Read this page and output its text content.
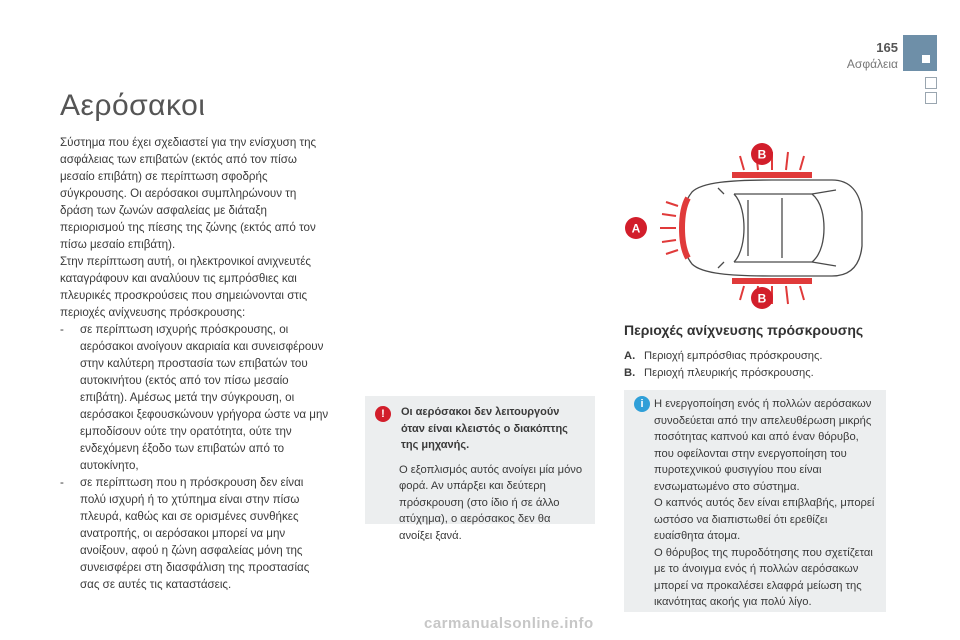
165
Ασφάλεια
Αερόσακοι

Σύστημα που έχει σχεδιαστεί για την ενίσχυση της ασφάλειας των επιβατών (εκτός από τον πίσω μεσαίο επιβάτη) σε περίπτωση σφοδρής σύγκρουσης. Οι αερόσακοι συμπληρώνουν τη δράση των ζωνών ασφαλείας με διάταξη περιορισμού της πίεσης της ζώνης (εκτός από τον πίσω μεσαίο επιβάτη).

Στην περίπτωση αυτή, οι ηλεκτρονικοί ανιχνευτές καταγράφουν και αναλύουν τις εμπρόσθιες και πλευρικές προσκρούσεις που σημειώνονται στις περιοχές ανίχνευσης πρόσκρουσης:

- σε περίπτωση ισχυρής πρόσκρουσης, οι αερόσακοι ανοίγουν ακαριαία και συνεισφέρουν στην καλύτερη προστασία των επιβατών του αυτοκινήτου (εκτός από τον πίσω μεσαίο επιβάτη). Αμέσως μετά την σύγκρουση, οι αερόσακοι ξεφουσκώνουν γρήγορα ώστε να μην εμποδίσουν ούτε την ορατότητα, ούτε την ενδεχόμενη έξοδο των επιβατών από το αυτοκίνητο,
- σε περίπτωση που η πρόσκρουση δεν είναι πολύ ισχυρή ή το χτύπημα είναι στην πίσω πλευρά, καθώς και σε ορισμένες συνθήκες ανατροπής, οι αερόσακοι μπορεί να μην ανοίξουν, αφού η ζώνη ασφαλείας μόνη της συνεισφέρει στη διασφάλιση της προστασίας σας σε αυτές τις καταστάσεις.
!	Οι αερόσακοι δεν λειτουργούν όταν είναι κλειστός ο διακόπτης της μηχανής.

Ο εξοπλισμός αυτός ανοίγει μία μόνο φορά. Αν υπάρξει και δεύτερη πρόσκρουση (στο ίδιο ή σε άλλο ατύχημα), ο αερόσακος δεν θα ανοίξει ξανά.

A
B
B
Περιοχές ανίχνευσης πρόσκρουσης
A. Περιοχή εμπρόσθιας πρόσκρουσης.
B. Περιοχή πλευρικής πρόσκρουσης.
i Η ενεργοποίηση ενός ή πολλών αερόσακων συνοδεύεται από την απελευθέρωση μικρής ποσότητας καπνού και από έναν θόρυβο, που οφείλονται στην ενεργοποίηση του πυροτεχνικού φυσιγγίου που είναι ενσωματωμένο στο σύστημα.

Ο καπνός αυτός δεν είναι επιβλαβής, μπορεί ωστόσο να διαπιστωθεί ότι ερεθίζει ευαίσθητα άτομα.

Ο θόρυβος της πυροδότησης που σχετίζεται με το άνοιγμα ενός ή πολλών αερόσακων μπορεί να προκαλέσει ελαφρά μείωση της ικανότητας ακοής για πολύ λίγο.

carmanualsonline.info
